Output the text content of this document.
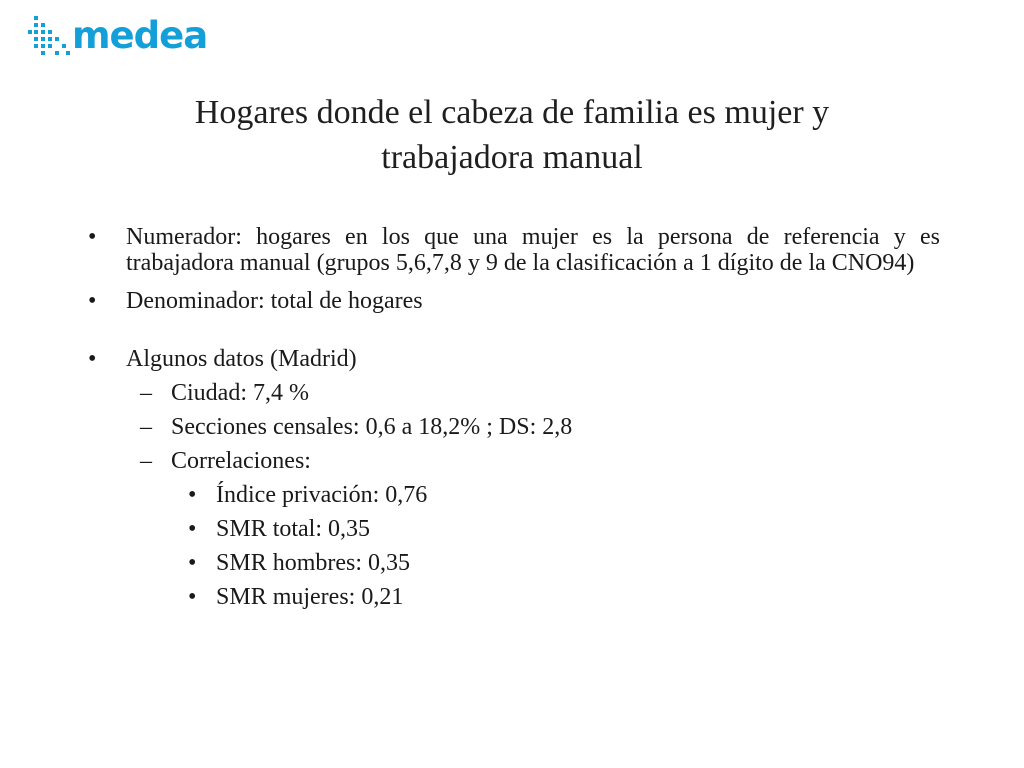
medea
Hogares donde el cabeza de familia es mujer y
trabajadora manual
• Numerador: hogares en los que una mujer es la persona de referencia y es trabajadora manual (grupos 5,6,7,8 y 9 de la clasificación a 1 dígito de la CNO94)
• Denominador: total de hogares
• Algunos datos (Madrid)
– Ciudad: 7,4 %
– Secciones censales: 0,6 a 18,2% ; DS: 2,8
– Correlaciones:
• Índice privación: 0,76
• SMR total: 0,35
• SMR hombres: 0,35
• SMR mujeres: 0,21
